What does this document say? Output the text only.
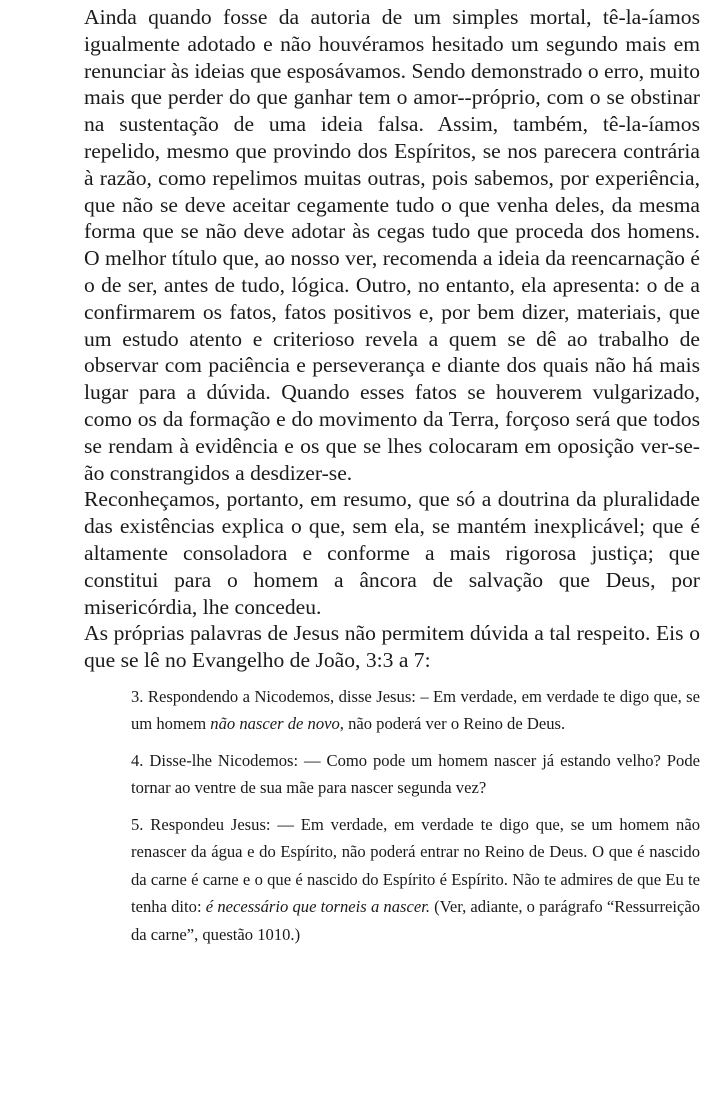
Ainda quando fosse da autoria de um simples mortal, tê-la-íamos igualmente adotado e não houvéramos hesitado um segundo mais em renunciar às ideias que esposávamos. Sendo demonstrado o erro, muito mais que perder do que ganhar tem o amor--próprio, com o se obstinar na sustentação de uma ideia falsa. Assim, também, tê-la-íamos repelido, mesmo que provindo dos Espíritos, se nos parecera contrária à razão, como repelimos muitas outras, pois sabemos, por experiência, que não se deve aceitar cegamente tudo o que venha deles, da mesma forma que se não deve adotar às cegas tudo que proceda dos homens. O melhor título que, ao nosso ver, recomenda a ideia da reencarnação é o de ser, antes de tudo, lógica. Outro, no entanto, ela apresenta: o de a confirmarem os fatos, fatos positivos e, por bem dizer, materiais, que um estudo atento e criterioso revela a quem se dê ao trabalho de observar com paciência e perseverança e diante dos quais não há mais lugar para a dúvida. Quando esses fatos se houverem vulgarizado, como os da formação e do movimento da Terra, forçoso será que todos se rendam à evidência e os que se lhes colocaram em oposição ver-se-ão constrangidos a desdizer-se.

Reconheçamos, portanto, em resumo, que só a doutrina da pluralidade das existências explica o que, sem ela, se mantém inexplicável; que é altamente consoladora e conforme a mais rigorosa justiça; que constitui para o homem a âncora de salvação que Deus, por misericórdia, lhe concedeu.

As próprias palavras de Jesus não permitem dúvida a tal respeito. Eis o que se lê no Evangelho de João, 3:3 a 7:

3. Respondendo a Nicodemos, disse Jesus: – Em verdade, em verdade te digo que, se um homem não nascer de novo, não poderá ver o Reino de Deus.

4. Disse-lhe Nicodemos: — Como pode um homem nascer já estando velho? Pode tornar ao ventre de sua mãe para nascer segunda vez?

5. Respondeu Jesus: — Em verdade, em verdade te digo que, se um homem não renascer da água e do Espírito, não poderá entrar no Reino de Deus. O que é nascido da carne é carne e o que é nascido do Espírito é Espírito. Não te admires de que Eu te tenha dito: é necessário que torneis a nascer. (Ver, adiante, o parágrafo “Ressurreição da carne”, questão 1010.)
